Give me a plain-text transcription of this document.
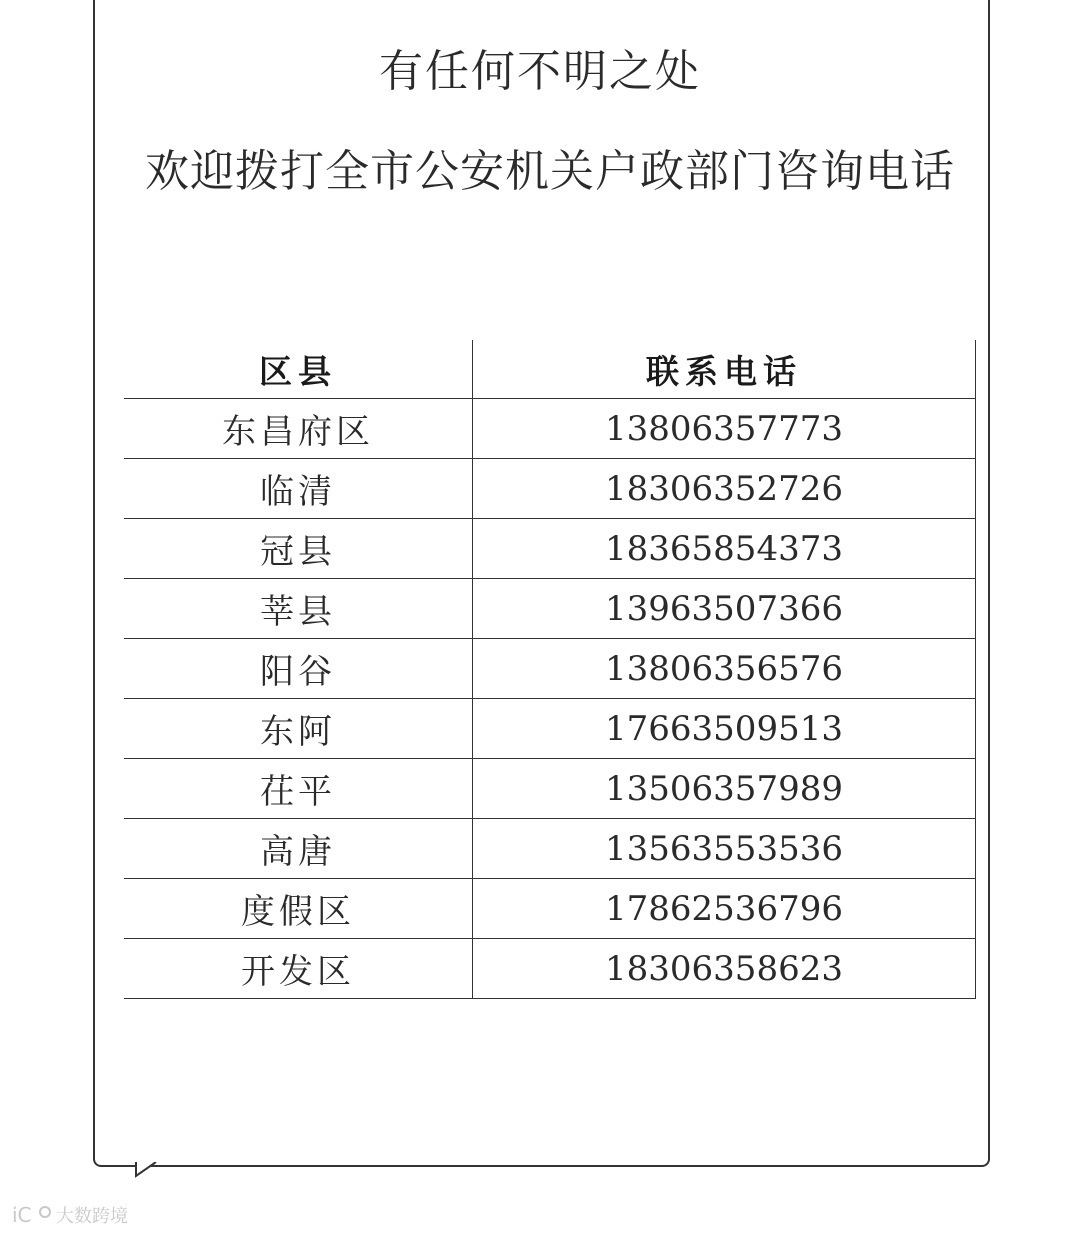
有任何不明之处
欢迎拨打全市公安机关户政部门咨询电话
区县	联系电话
东昌府区	13806357773
临清	18306352726
冠县	18365854373
莘县	13963507366
阳谷	13806356576
东阿	17663509513
茌平	13506357989
高唐	13563553536
度假区	17862536796
开发区	18306358623
iC 大数跨境
